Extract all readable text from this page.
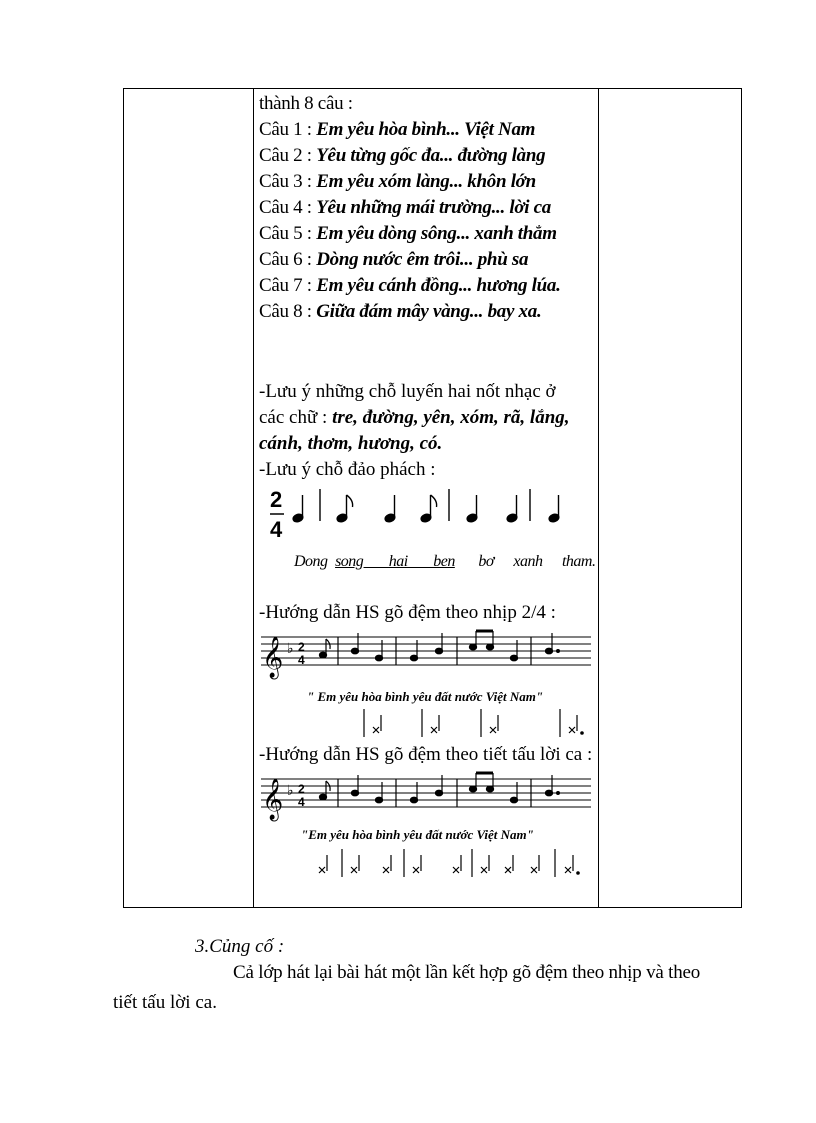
thành 8 câu :
Câu 1 : Em yêu hòa bình... Việt Nam
Câu 2 : Yêu từng gốc đa... đường làng
Câu 3 : Em yêu xóm làng... khôn lớn
Câu 4 : Yêu những mái trường... lời ca
Câu 5 : Em yêu dòng sông... xanh thẳm
Câu 6 : Dòng nước êm trôi... phù sa
Câu 7 : Em yêu cánh đồng... hương lúa.
Câu 8 : Giữa đám mây vàng... bay xa.
-Lưu ý những chỗ luyến hai nốt nhạc ở
các chữ : tre, đường, yên, xóm, rã, lắng,
cánh, thơm, hương, có.
-Lưu ý chỗ đảo phách :
2
4
Dong song hai ben bơ xanh tham.
-Hướng dẫn HS gõ đệm theo nhịp 2/4 :
𝄞 ♭ 2
4
" Em yêu hòa bình yêu đất nước Việt Nam"
-Hướng dẫn HS gõ đệm theo tiết tấu lời ca :
𝄞 ♭ 2
4
"Em yêu hòa bình yêu đất nước Việt Nam"
3.Củng cố :
Cả lớp hát lại bài hát một lần kết hợp gõ đệm theo nhịp và theo
tiết tấu lời ca.
